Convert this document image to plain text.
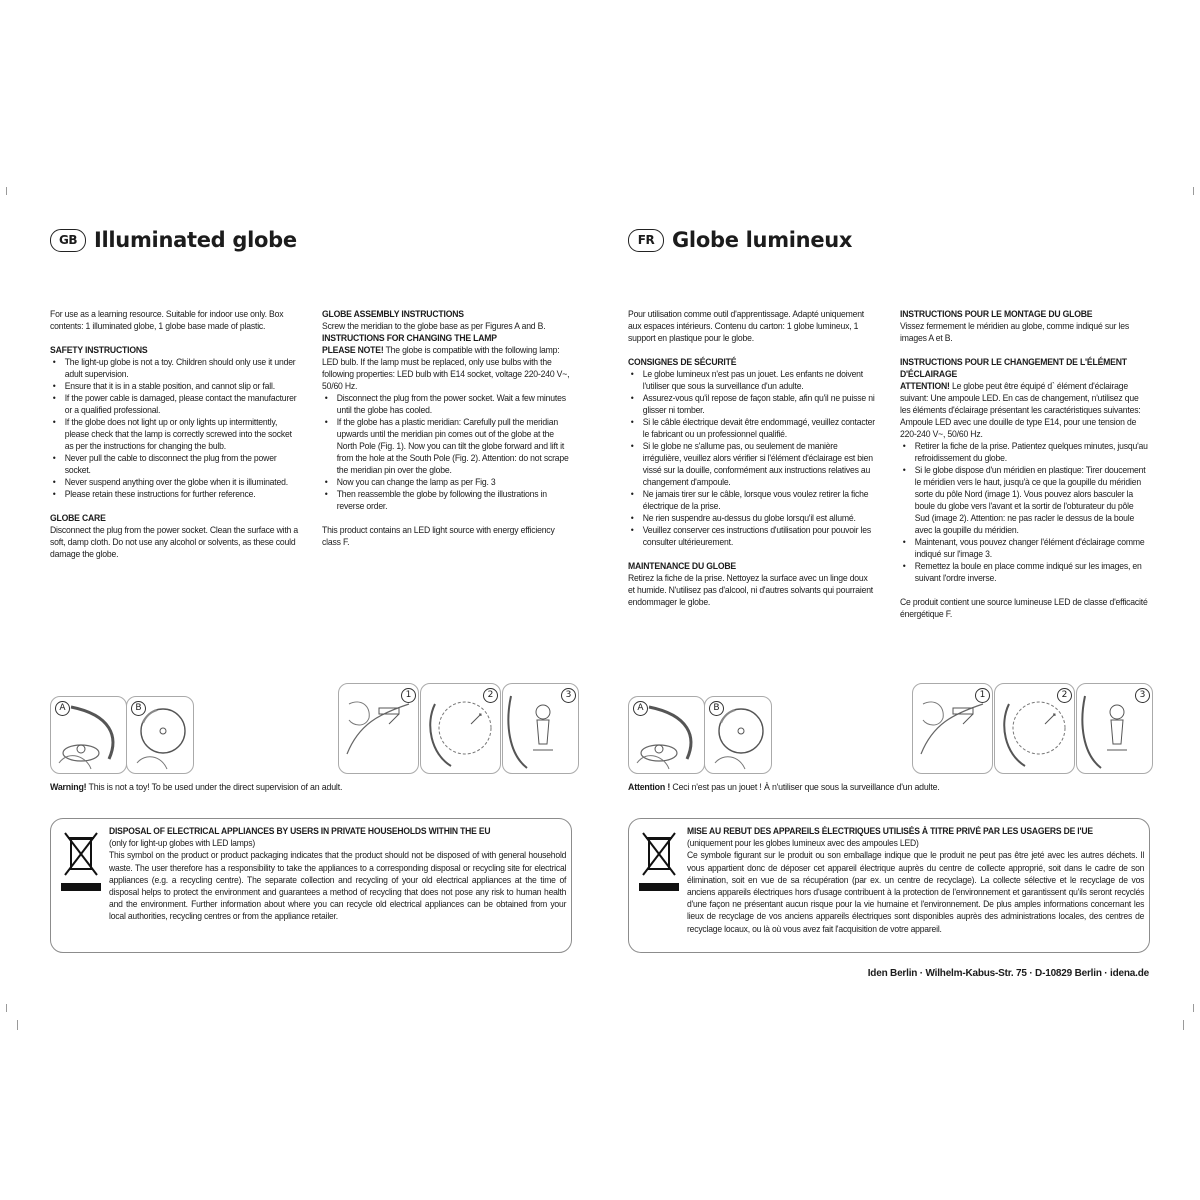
GB Illuminated globe

For use as a learning resource. Suitable for indoor use only. Box contents: 1 illuminated globe, 1 globe base made of plastic.

SAFETY INSTRUCTIONS
• The light-up globe is not a toy. Children should only use it under adult supervision.
• Ensure that it is in a stable position, and cannot slip or fall.
• If the power cable is damaged, please contact the manufacturer or a qualified professional.
• If the globe does not light up or only lights up intermittently, please check that the lamp is correctly screwed into the socket as per the instructions for changing the bulb.
• Never pull the cable to disconnect the plug from the power socket.
• Never suspend anything over the globe when it is illuminated.
• Please retain these instructions for further reference.
GLOBE CARE

Disconnect the plug from the power socket. Clean the surface with a soft, damp cloth. Do not use any alcohol or solvents, as these could damage the globe.

GLOBE ASSEMBLY INSTRUCTIONS

Screw the meridian to the globe base as per Figures A and B.

INSTRUCTIONS FOR CHANGING THE LAMP

PLEASE NOTE! The globe is compatible with the following lamp: LED bulb. If the lamp must be replaced, only use bulbs with the following properties: LED bulb with E14 socket, voltage 220-240 V~, 50/60 Hz.

• Disconnect the plug from the power socket. Wait a few minutes until the globe has cooled.
• If the globe has a plastic meridian: Carefully pull the meridian upwards until the meridian pin comes out of the globe at the North Pole (Fig. 1). Now you can tilt the globe forward and lift it from the hole at the South Pole (Fig. 2). Attention: do not scrape the meridian pin over the globe.
• Now you can change the lamp as per Fig. 3
• Then reassemble the globe by following the illustrations in reverse order.

This product contains an LED light source with energy efficiency class F.

A	B
1	2	3
Warning! This is not a toy! To be used under the direct supervision of an adult.
DISPOSAL OF ELECTRICAL APPLIANCES BY USERS IN PRIVATE HOUSEHOLDS WITHIN THE EU

(only for light-up globes with LED lamps)

This symbol on the product or product packaging indicates that the product should not be disposed of with general household waste. The user therefore has a responsibility to take the appliances to a corresponding disposal or recycling site for electrical appliances (e.g. a recycling centre). The separate collection and recycling of your old electrical appliances at the time of disposal helps to protect the environment and guarantees a method of recycling that does not pose any risk to human health and the environment. Further information about where you can recycle old electrical appliances can be obtained from your local authorities, recycling centres or from the appliance retailer.

FR Globe lumineux

Pour utilisation comme outil d'apprentissage. Adapté uniquement aux espaces intérieurs. Contenu du carton: 1 globe lumineux, 1 support en plastique pour le globe.

CONSIGNES DE SÉCURITÉ
• Le globe lumineux n'est pas un jouet. Les enfants ne doivent l'utiliser que sous la surveillance d'un adulte.
• Assurez-vous qu'il repose de façon stable, afin qu'il ne puisse ni glisser ni tomber.
• Si le câble électrique devait être endommagé, veuillez contacter le fabricant ou un professionnel qualifié.
• Si le globe ne s'allume pas, ou seulement de manière irrégulière, veuillez alors vérifier si l'élément d'éclairage est bien vissé sur la douille, conformément aux instructions relatives au changement d'ampoule.
• Ne jamais tirer sur le câble, lorsque vous voulez retirer la fiche électrique de la prise.
• Ne rien suspendre au-dessus du globe lorsqu'il est allumé.
• Veuillez conserver ces instructions d'utilisation pour pouvoir les consulter ultérieurement.
MAINTENANCE DU GLOBE

Retirez la fiche de la prise. Nettoyez la surface avec un linge doux et humide. N'utilisez pas d'alcool, ni d'autres solvants qui pourraient endommager le globe.

INSTRUCTIONS POUR LE MONTAGE DU GLOBE

Vissez fermement le méridien au globe, comme indiqué sur les images A et B.

INSTRUCTIONS POUR LE CHANGEMENT DE L'ÉLÉMENT D'ÉCLAIRAGE

ATTENTION! Le globe peut être équipé d` élément d'éclairage suivant: Une ampoule LED. En cas de changement, n'utilisez que les éléments d'éclairage présentant les caractéristiques suivantes: Ampoule LED avec une douille de type E14, pour une tension de 220-240 V~, 50/60 Hz.

• Retirer la fiche de la prise. Patientez quelques minutes, jusqu'au refroidissement du globe.
• Si le globe dispose d'un méridien en plastique: Tirer doucement le méridien vers le haut, jusqu'à ce que la goupille du méridien sorte du pôle Nord (image 1). Vous pouvez alors basculer la boule du globe vers l'avant et la sortir de l'obturateur du pôle Sud (image 2). Attention: ne pas racler le dessus de la boule avec la goupille du méridien.
• Maintenant, vous pouvez changer l'élément d'éclairage comme indiqué sur l'image 3.
• Remettez la boule en place comme indiqué sur les images, en suivant l'ordre inverse.

Ce produit contient une source lumineuse LED de classe d'efficacité énergétique F.

A	B
1	2	3
Attention ! Ceci n'est pas un jouet ! À n'utiliser que sous la surveillance d'un adulte.
MISE AU REBUT DES APPAREILS ÉLECTRIQUES UTILISÉS À TITRE PRIVÉ PAR LES USAGERS DE l'UE

(uniquement pour les globes lumineux avec des ampoules LED)

Ce symbole figurant sur le produit ou son emballage indique que le produit ne peut pas être jeté avec les autres déchets. Il vous appartient donc de déposer cet appareil électrique auprès du centre de collecte approprié, soit dans le cadre de son élimination, soit en vue de sa récupération (par ex. un centre de recyclage). La collecte sélective et le recyclage de vos anciens appareils électriques hors d'usage contribuent à la protection de l'environnement et garantissent qu'ils seront recyclés d'une façon ne présentant aucun risque pour la vie humaine et l'environnement. De plus amples informations concernant les lieux de recyclage de vos anciens appareils électriques sont disponibles auprès des administrations locales, des centres de recyclage locaux, ou là où vous avez fait l'acquisition de votre appareil.

Iden Berlin · Wilhelm-Kabus-Str. 75 · D-10829 Berlin · idena.de
